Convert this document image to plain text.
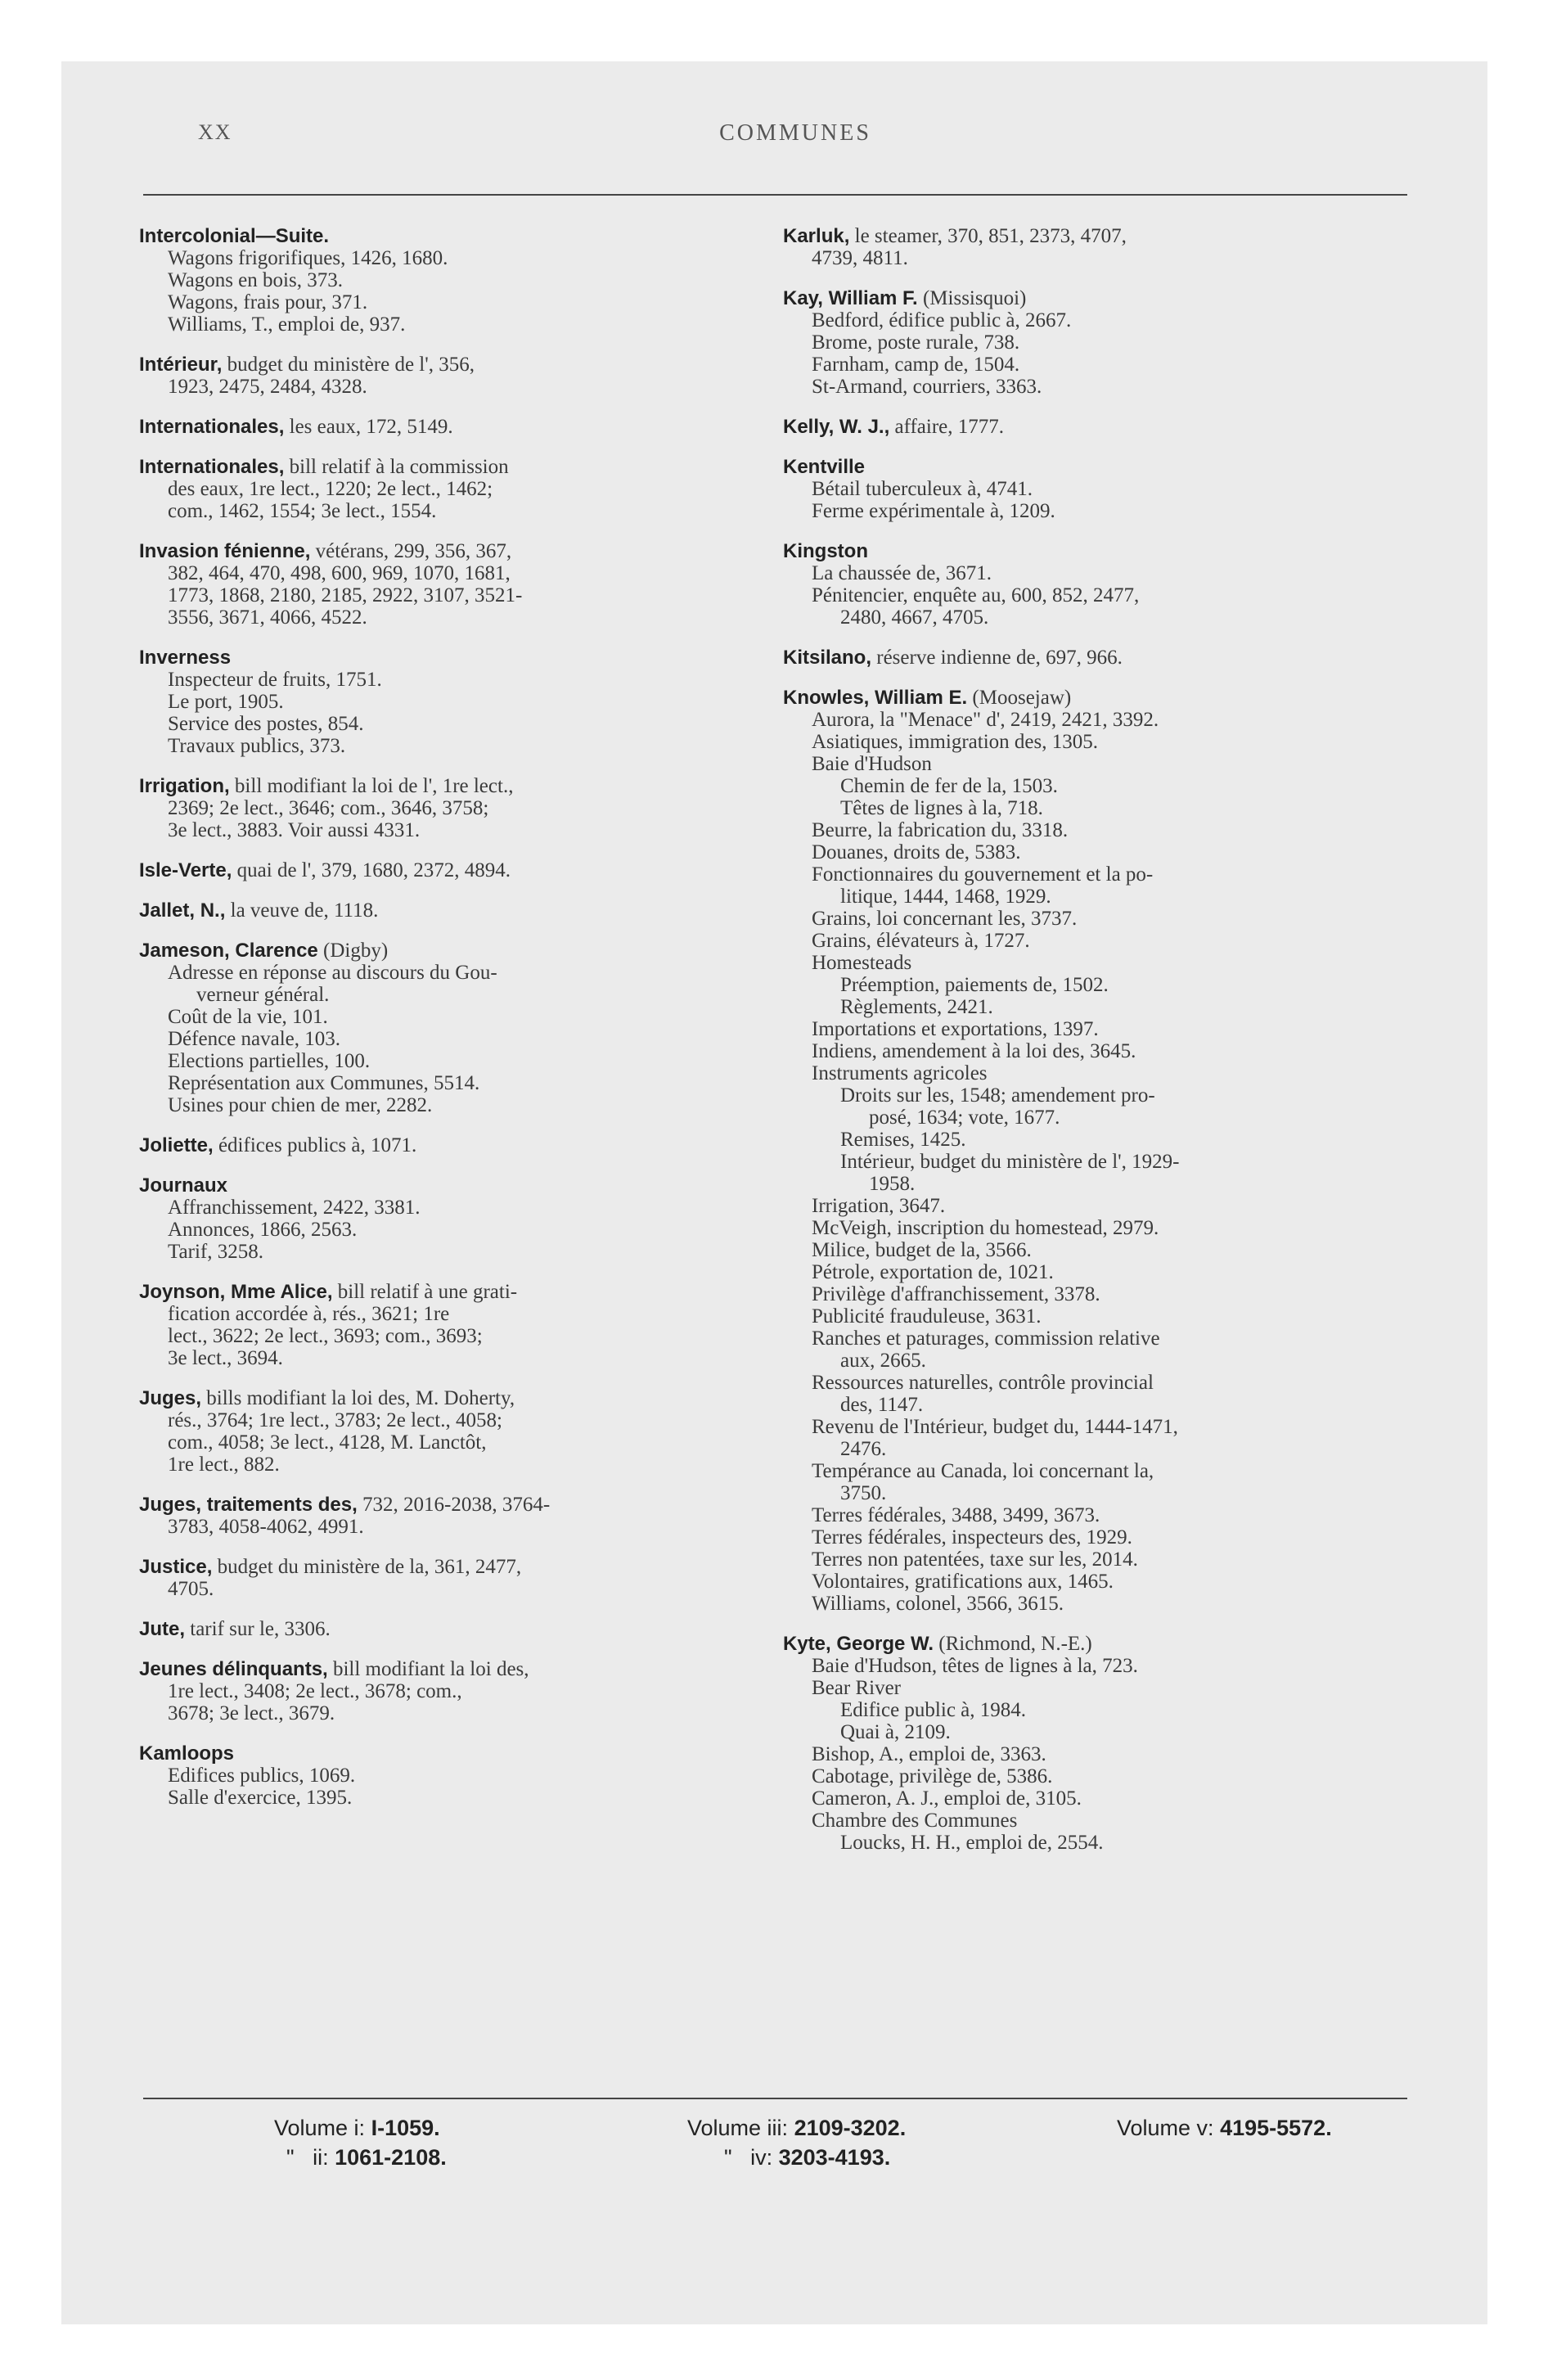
XX	COMMUNES
Intercolonial—Suite.
Wagons frigorifiques, 1426, 1680.
Wagons en bois, 373.
Wagons, frais pour, 371.
Williams, T., emploi de, 937.
Intérieur, budget du ministère de l', 356,
1923, 2475, 2484, 4328.
Internationales, les eaux, 172, 5149.
Internationales, bill relatif à la commission
des eaux, 1re lect., 1220; 2e lect., 1462;
com., 1462, 1554; 3e lect., 1554.
Invasion fénienne, vétérans, 299, 356, 367,
382, 464, 470, 498, 600, 969, 1070, 1681,
1773, 1868, 2180, 2185, 2922, 3107, 3521-
3556, 3671, 4066, 4522.
Inverness
Inspecteur de fruits, 1751.
Le port, 1905.
Service des postes, 854.
Travaux publics, 373.
Irrigation, bill modifiant la loi de l', 1re lect.,
2369; 2e lect., 3646; com., 3646, 3758;
3e lect., 3883. Voir aussi 4331.
Isle-Verte, quai de l', 379, 1680, 2372, 4894.
Jallet, N., la veuve de, 1118.
Jameson, Clarence (Digby)
Adresse en réponse au discours du Gou-
verneur général.
Coût de la vie, 101.
Défence navale, 103.
Elections partielles, 100.
Représentation aux Communes, 5514.
Usines pour chien de mer, 2282.
Joliette, édifices publics à, 1071.
Journaux
Affranchissement, 2422, 3381.
Annonces, 1866, 2563.
Tarif, 3258.
Joynson, Mme Alice, bill relatif à une grati-
fication accordée à, rés., 3621; 1re
lect., 3622; 2e lect., 3693; com., 3693;
3e lect., 3694.
Juges, bills modifiant la loi des, M. Doherty,
rés., 3764; 1re lect., 3783; 2e lect., 4058;
com., 4058; 3e lect., 4128, M. Lanctôt,
1re lect., 882.
Juges, traitements des, 732, 2016-2038, 3764-
3783, 4058-4062, 4991.
Justice, budget du ministère de la, 361, 2477,
4705.
Jute, tarif sur le, 3306.
Jeunes délinquants, bill modifiant la loi des,
1re lect., 3408; 2e lect., 3678; com.,
3678; 3e lect., 3679.
Kamloops
Edifices publics, 1069.
Salle d'exercice, 1395.
Karluk, le steamer, 370, 851, 2373, 4707,
4739, 4811.
Kay, William F. (Missisquoi)
Bedford, édifice public à, 2667.
Brome, poste rurale, 738.
Farnham, camp de, 1504.
St-Armand, courriers, 3363.
Kelly, W. J., affaire, 1777.
Kentville
Bétail tuberculeux à, 4741.
Ferme expérimentale à, 1209.
Kingston
La chaussée de, 3671.
Pénitencier, enquête au, 600, 852, 2477,
2480, 4667, 4705.
Kitsilano, réserve indienne de, 697, 966.
Knowles, William E. (Moosejaw)
Aurora, la "Menace" d', 2419, 2421, 3392.
Asiatiques, immigration des, 1305.
Baie d'Hudson
Chemin de fer de la, 1503.
Têtes de lignes à la, 718.
Beurre, la fabrication du, 3318.
Douanes, droits de, 5383.
Fonctionnaires du gouvernement et la po-
litique, 1444, 1468, 1929.
Grains, loi concernant les, 3737.
Grains, élévateurs à, 1727.
Homesteads
Préemption, paiements de, 1502.
Règlements, 2421.
Importations et exportations, 1397.
Indiens, amendement à la loi des, 3645.
Instruments agricoles
Droits sur les, 1548; amendement pro-
posé, 1634; vote, 1677.
Remises, 1425.
Intérieur, budget du ministère de l', 1929-
1958.
Irrigation, 3647.
McVeigh, inscription du homestead, 2979.
Milice, budget de la, 3566.
Pétrole, exportation de, 1021.
Privilège d'affranchissement, 3378.
Publicité frauduleuse, 3631.
Ranches et paturages, commission relative
aux, 2665.
Ressources naturelles, contrôle provincial
des, 1147.
Revenu de l'Intérieur, budget du, 1444-1471,
2476.
Tempérance au Canada, loi concernant la,
3750.
Terres fédérales, 3488, 3499, 3673.
Terres fédérales, inspecteurs des, 1929.
Terres non patentées, taxe sur les, 2014.
Volontaires, gratifications aux, 1465.
Williams, colonel, 3566, 3615.
Kyte, George W. (Richmond, N.-E.)
Baie d'Hudson, têtes de lignes à la, 723.
Bear River
Edifice public à, 1984.
Quai à, 2109.
Bishop, A., emploi de, 3363.
Cabotage, privilège de, 5386.
Cameron, A. J., emploi de, 3105.
Chambre des Communes
Loucks, H. H., emploi de, 2554.
Volume i: I-1059.
"   ii: 1061-2108.
Volume iii: 2109-3202.
"   iv: 3203-4193.
Volume v: 4195-5572.
